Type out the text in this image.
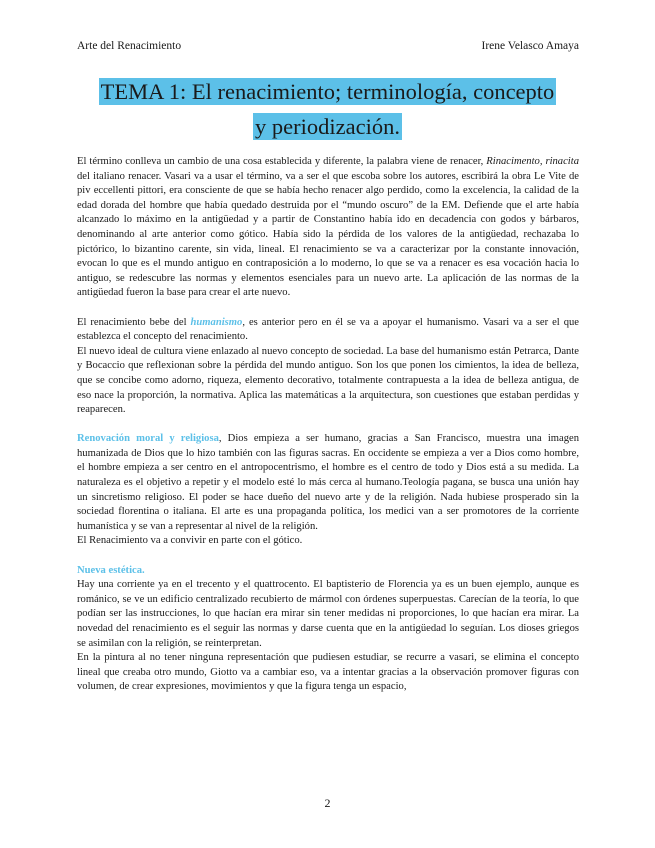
Arte del Renacimiento	Irene Velasco Amaya
TEMA 1: El renacimiento; terminología, concepto
y periodización.

El término conlleva un cambio de una cosa establecida y diferente, la palabra viene de renacer, Rinacimento, rinacita del italiano renacer. Vasari va a usar el término, va a ser el que escoba sobre los autores, escribirá la obra Le Vite de piv eccellenti pittori, era consciente de que se había hecho renacer algo perdido, como la excelencia, la calidad de la edad dorada del hombre que había quedado destruida por el “mundo oscuro” de la EM. Defiende que el arte había alcanzado lo máximo en la antigüedad y a partir de Constantino había ido en decadencia con godos y bárbaros, denominando al arte anterior como gótico. Había sido la pérdida de los valores de la antigüedad, rechazaba lo pictórico, lo bizantino carente, sin vida, lineal. El renacimiento se va a caracterizar por la constante innovación, evocan lo que es el mundo antiguo en contraposición a lo moderno, lo que se va a renacer es esa vocación hacia lo antiguo, se redescubre las normas y elementos esenciales para un nuevo arte. La aplicación de las normas de la antigüedad fueron la base para crear el arte nuevo.

El renacimiento bebe del humanismo, es anterior pero en él se va a apoyar el humanismo. Vasari va a ser el que establezca el concepto del renacimiento.

El nuevo ideal de cultura viene enlazado al nuevo concepto de sociedad. La base del humanismo están Petrarca, Dante y Bocaccio que reflexionan sobre la pérdida del mundo antiguo. Son los que ponen los cimientos, la idea de belleza, que se concibe como adorno, riqueza, elemento decorativo, totalmente contrapuesta a la idea de belleza antigua, de eso nace la proporción, la normativa. Aplica las matemáticas a la arquitectura, son cuestiones que estaban perdidas y reaparecen.

Renovación moral y religiosa, Dios empieza a ser humano, gracias a San Francisco, muestra una imagen humanizada de Dios que lo hizo también con las figuras sacras. En occidente se empieza a ver a Dios como hombre, el hombre empieza a ser centro en el antropocentrismo, el hombre es el centro de todo y Dios está a su medida. La naturaleza es el objetivo a repetir y el modelo esté lo más cerca al humano.Teología pagana, se busca una unión hay un sincretismo religioso. El poder se hace dueño del nuevo arte y de la religión. Nada hubiese prosperado sin la sociedad florentina o italiana. El arte es una propaganda política, los medici van a ser promotores de la corriente humanística y se van a representar al nivel de la religión.

El Renacimiento va a convivir en parte con el gótico.

Nueva estética.

Hay una corriente ya en el trecento y el quattrocento. El baptisterio de Florencia ya es un buen ejemplo, aunque es románico, se ve un edificio centralizado recubierto de mármol con órdenes superpuestas. Carecían de la teoría, lo que podían ser las instrucciones, lo que hacían era mirar sin tener medidas ni proporciones, lo que hacían era mirar. La novedad del renacimiento es el seguir las normas y darse cuenta que en la antigüedad lo seguían. Los dioses griegos se asimilan con la religión, se reinterpretan.

En la pintura al no tener ninguna representación que pudiesen estudiar, se recurre a vasari, se elimina el concepto lineal que creaba otro mundo, Giotto va a cambiar eso, va a intentar gracias a la observación promover figuras con volumen, de crear expresiones, movimientos y que la figura tenga un espacio,

2
